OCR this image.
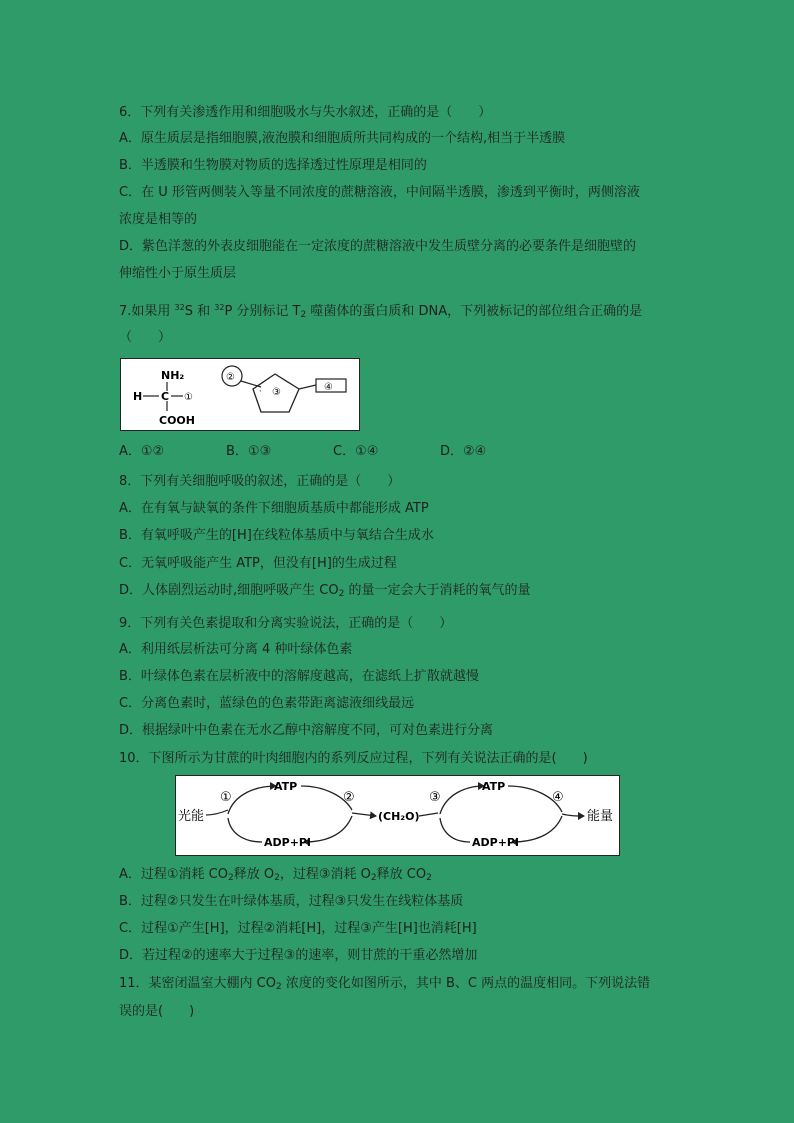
6．下列有关渗透作用和细胞吸水与失水叙述，正确的是（　　）
A．原生质层是指细胞膜,液泡膜和细胞质所共同构成的一个结构,相当于半透膜
B．半透膜和生物膜对物质的选择透过性原理是相同的
C．在 U 形管两侧装入等量不同浓度的蔗糖溶液，中间隔半透膜，渗透到平衡时，两侧溶液
浓度是相等的
D．紫色洋葱的外表皮细胞能在一定浓度的蔗糖溶液中发生质壁分离的必要条件是细胞壁的
伸缩性小于原生质层
7.如果用 $^{32}$S 和 $^{32}$P 分别标记 $T_2$ 噬菌体的蛋白质和 DNA，下列被标记的部位组合正确的是
（　　）
NH₂
H C ①
COOH
②
· ③	④
A．①②	B．①③	C．①④	D．②④
8．下列有关细胞呼吸的叙述，正确的是（　　）
A．在有氧与缺氧的条件下细胞质基质中都能形成 ATP
B．有氧呼吸产生的[H]在线粒体基质中与氧结合生成水
C．无氧呼吸能产生 ATP，但没有[H]的生成过程
D．人体剧烈运动时,细胞呼吸产生 $CO_2$ 的量一定会大于消耗的氧气的量
9．下列有关色素提取和分离实验说法，正确的是（　　）
A．利用纸层析法可分离 4 种叶绿体色素
B．叶绿体色素在层析液中的溶解度越高，在滤纸上扩散就越慢
C．分离色素时，蓝绿色的色素带距离滤液细线最远
D．根据绿叶中色素在无水乙醇中溶解度不同，可对色素进行分离
10．下图所示为甘蔗的叶肉细胞内的系列反应过程，下列有关说法正确的是(　　)
光能
ATP
ADP+Pi
①	②
(CH₂O)
ATP
ADP+Pi
③	④
能量
A．过程①消耗 $CO_2$释放 $O_2$，过程③消耗 $O_2$释放 $CO_2$
B．过程②只发生在叶绿体基质，过程③只发生在线粒体基质
C．过程①产生[H]，过程②消耗[H]，过程③产生[H]也消耗[H]
D．若过程②的速率大于过程③的速率，则甘蔗的干重必然增加
11．某密闭温室大棚内 $CO_2$ 浓度的变化如图所示，其中 B、C 两点的温度相同。下列说法错
误的是(　　)
